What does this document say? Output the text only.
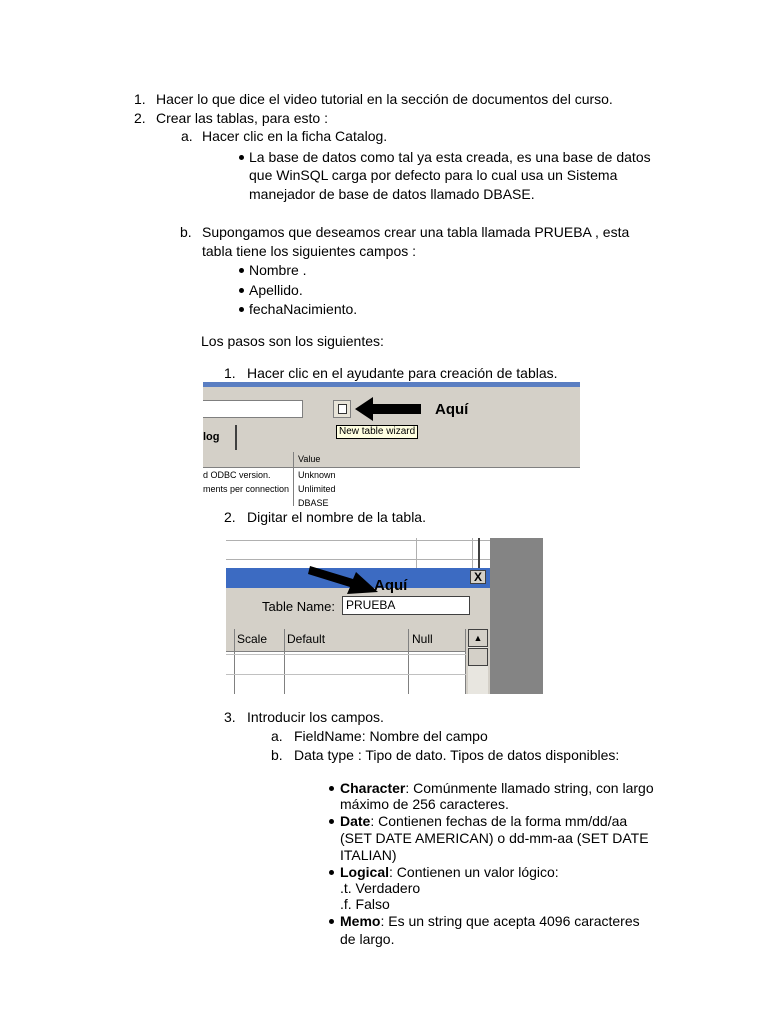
1. Hacer lo que dice el video tutorial en la sección de documentos del curso.
2. Crear las tablas, para esto :
a. Hacer clic en la ficha Catalog.
La base de datos como tal ya esta creada, es una base de datos
que WinSQL carga por defecto para lo cual usa un Sistema
manejador de base de datos llamado DBASE.
b. Supongamos que deseamos crear una tabla llamada PRUEBA , esta
tabla tiene los siguientes campos :
Nombre .
Apellido.
fechaNacimiento.
Los pasos son los siguientes:
1. Hacer clic en el ayudante para creación de tablas.
Aquí
log	New table wizard
Value
d ODBC version.	Unknown
ments per connection Unlimited
DBASE
2. Digitar el nombre de la tabla.
X
Aquí
Table Name: PRUEBA
Scale Default	Null	▲
3. Introducir los campos.
a. FieldName: Nombre del campo
b. Data type : Tipo de dato. Tipos de datos disponibles:
Character: Comúnmente llamado string, con largo
máximo de 256 caracteres.
Date: Contienen fechas de la forma mm/dd/aa
(SET DATE AMERICAN) o dd-mm-aa (SET DATE
ITALIAN)
Logical: Contienen un valor lógico:
.t. Verdadero
.f. Falso
Memo: Es un string que acepta 4096 caracteres
de largo.
